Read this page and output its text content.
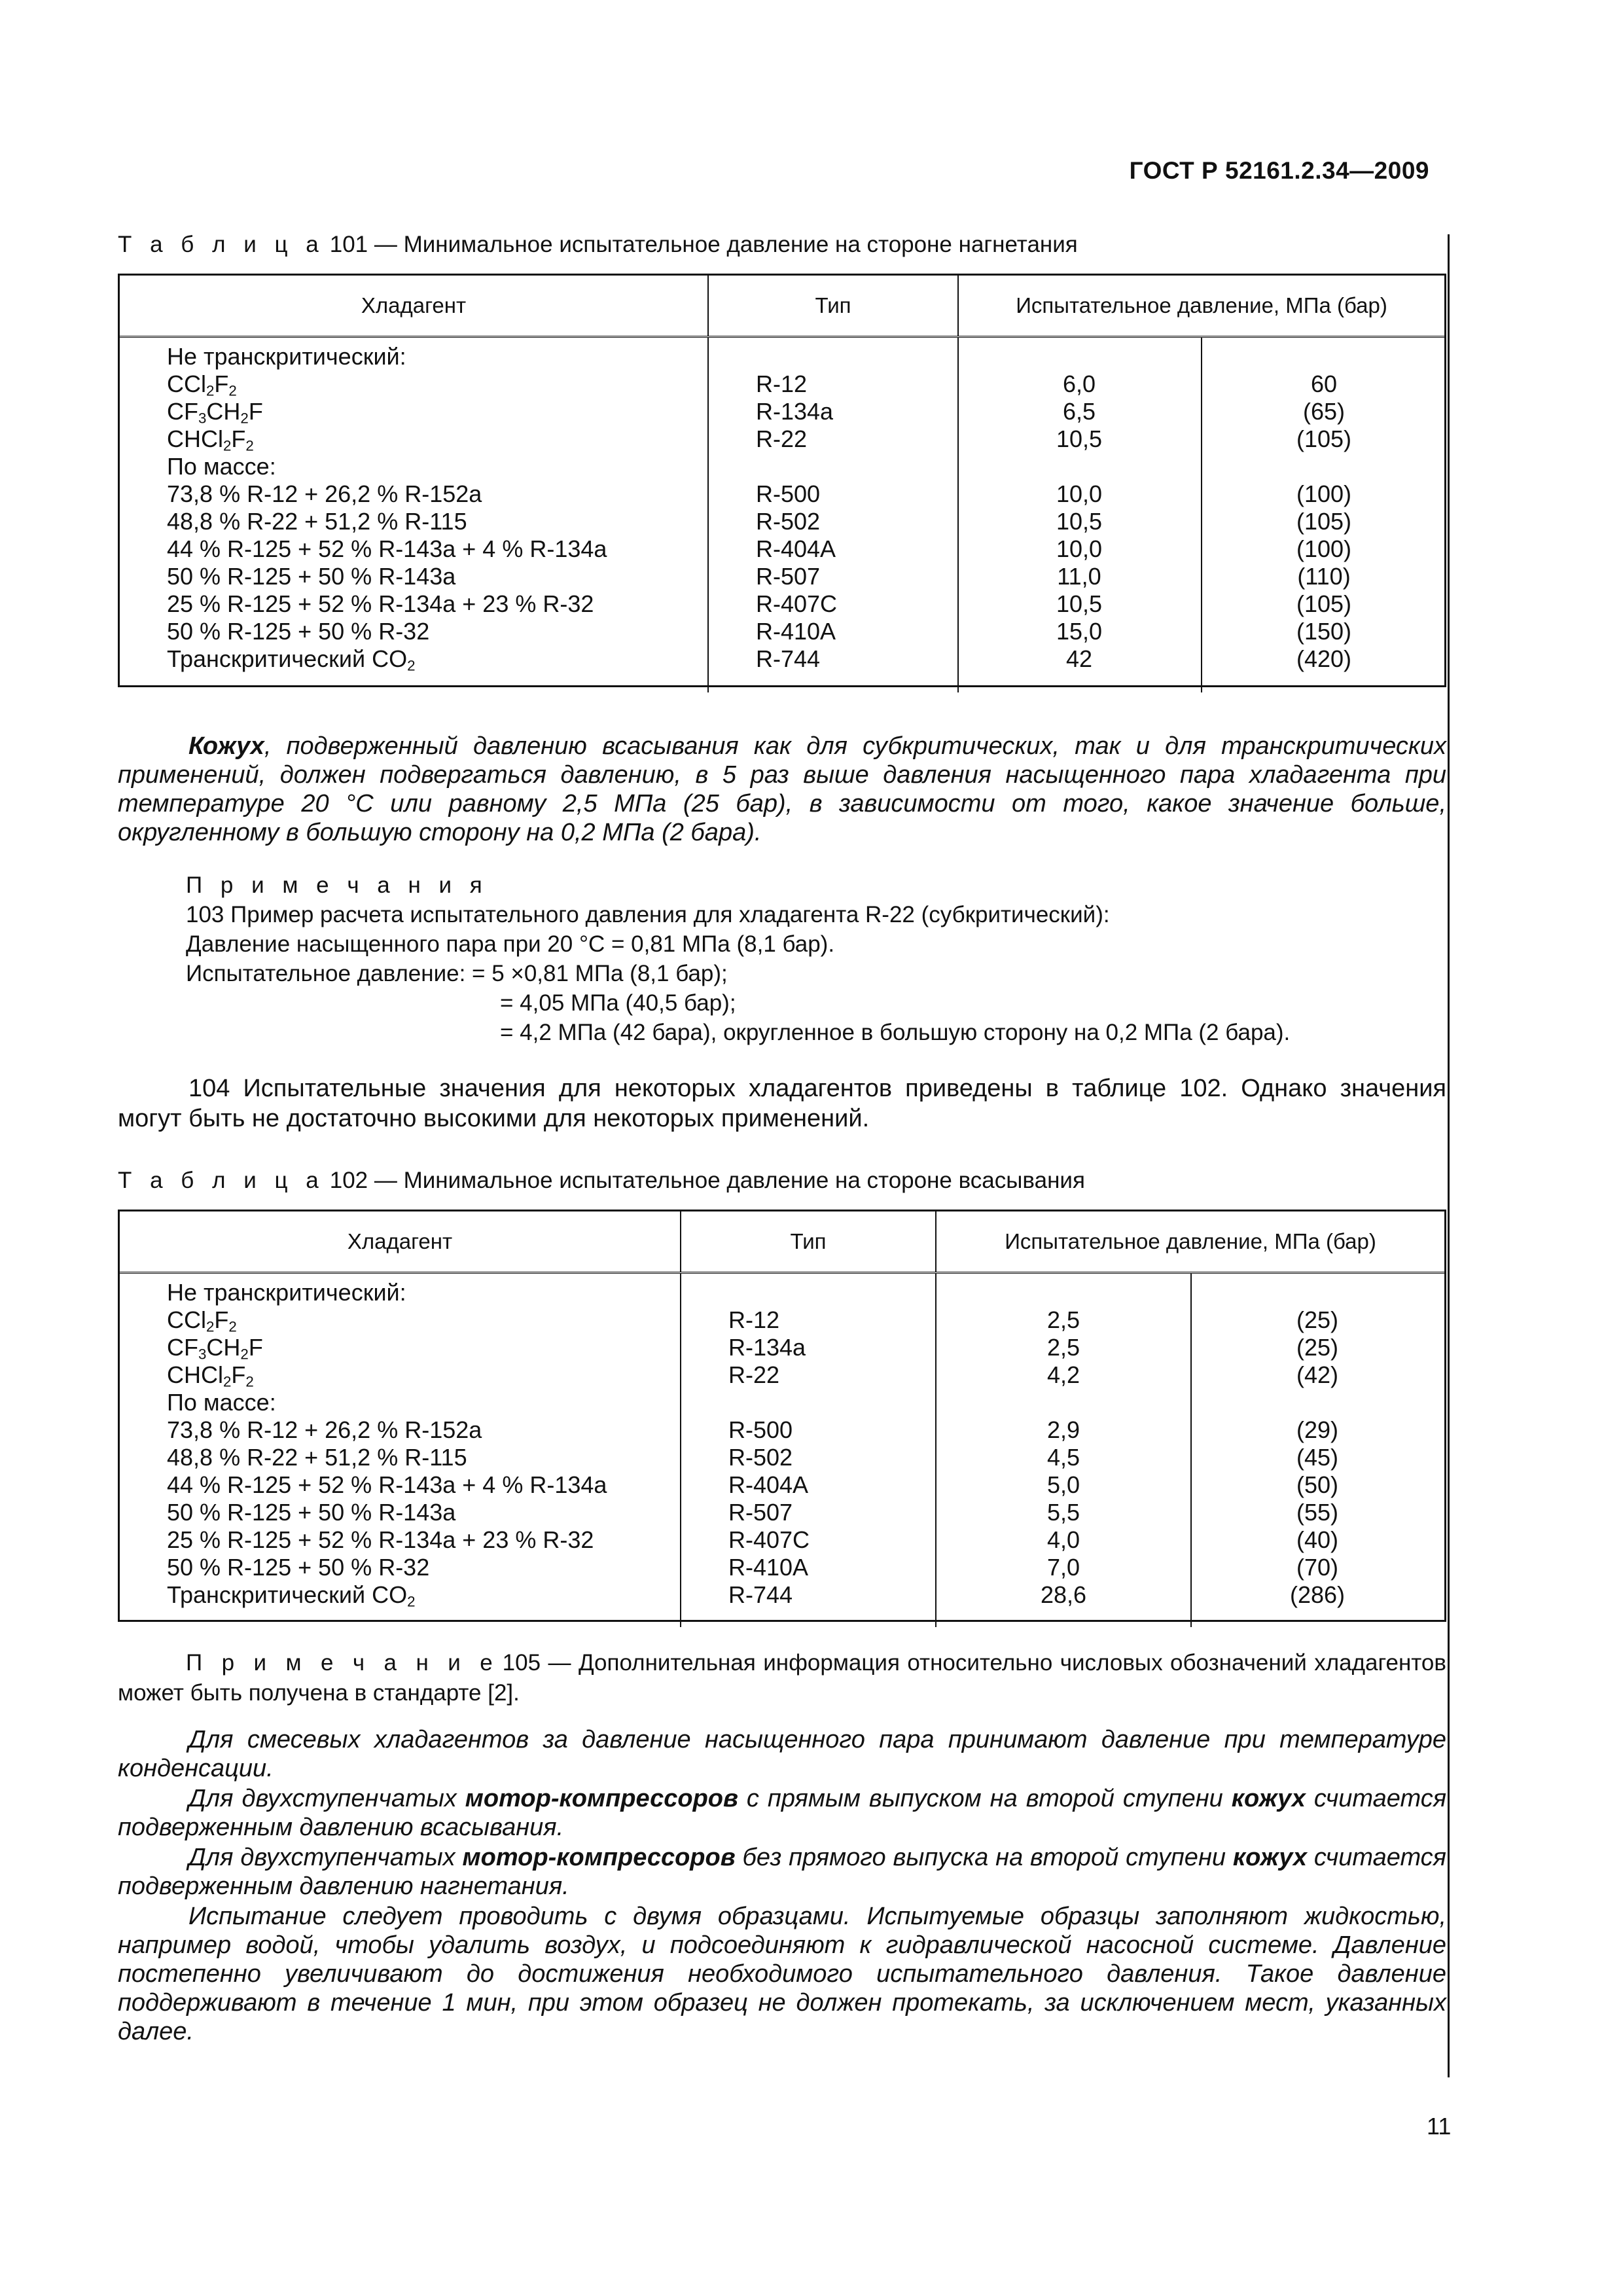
ГОСТ Р 52161.2.34—2009
Т а б л и ц а 101 — Минимальное испытательное давление на стороне нагнетания
Хладагент	Тип	Испытательное давление, МПа (бар)
Не транскритический:
$CCl_2F_2$	R-12	6,0	60
$CF_3CH_2F$	R-134a	6,5	(65)
$CHCl_2F_2$	R-22	10,5	(105)
По массе:
73,8 % R-12 + 26,2 % R-152a	R-500	10,0	(100)
48,8 % R-22 + 51,2 % R-115	R-502	10,5	(105)
44 % R-125 + 52 % R-143a + 4 % R-134a	R-404A	10,0	(100)
50 % R-125 + 50 % R-143a	R-507	11,0	(110)
25 % R-125 + 52 % R-134a + 23 % R-32	R-407C	10,5	(105)
50 % R-125 + 50 % R-32	R-410A	15,0	(150)
Транскритический $CO_2$	R-744	42	(420)
Кожух, подверженный давлению всасывания как для субкритических, так и для транскритических применений, должен подвергаться давлению, в 5 раз выше давления насыщенного пара хладагента при температуре 20 °С или равному 2,5 МПа (25 бар), в зависимости от того, какое значение больше, округленному в большую сторону на 0,2 МПа (2 бара).
П р и м е ч а н и я
103 Пример расчета испытательного давления для хладагента R-22 (субкритический):
Давление насыщенного пара при 20 °С = 0,81 МПа (8,1 бар).
Испытательное давление: = 5 ×0,81 МПа (8,1 бар);
= 4,05 МПа (40,5 бар);
= 4,2 МПа (42 бара), округленное в большую сторону на 0,2 МПа (2 бара).
104 Испытательные значения для некоторых хладагентов приведены в таблице 102. Однако значения могут быть не достаточно высокими для некоторых применений.
Т а б л и ц а 102 — Минимальное испытательное давление на стороне всасывания
Хладагент	Тип	Испытательное давление, МПа (бар)
Не транскритический:
$CCl_2F_2$	R-12	2,5	(25)
$CF_3CH_2F$	R-134a	2,5	(25)
$CHCl_2F_2$	R-22	4,2	(42)
По массе:
73,8 % R-12 + 26,2 % R-152a	R-500	2,9	(29)
48,8 % R-22 + 51,2 % R-115	R-502	4,5	(45)
44 % R-125 + 52 % R-143a + 4 % R-134a	R-404A	5,0	(50)
50 % R-125 + 50 % R-143a	R-507	5,5	(55)
25 % R-125 + 52 % R-134a + 23 % R-32	R-407C	4,0	(40)
50 % R-125 + 50 % R-32	R-410A	7,0	(70)
Транскритический $CO_2$	R-744	28,6	(286)
П р и м е ч а н и е 105 — Дополнительная информация относительно числовых обозначений хладагентов может быть получена в стандарте [2].
Для смесевых хладагентов за давление насыщенного пара принимают давление при температуре конденсации.
Для двухступенчатых мотор-компрессоров с прямым выпуском на второй ступени кожух считается подверженным давлению всасывания.
Для двухступенчатых мотор-компрессоров без прямого выпуска на второй ступени кожух считается подверженным давлению нагнетания.
Испытание следует проводить с двумя образцами. Испытуемые образцы заполняют жидкостью, например водой, чтобы удалить воздух, и подсоединяют к гидравлической насосной системе. Давление постепенно увеличивают до достижения необходимого испытательного давления. Такое давление поддерживают в течение 1 мин, при этом образец не должен протекать, за исключением мест, указанных далее.
11
